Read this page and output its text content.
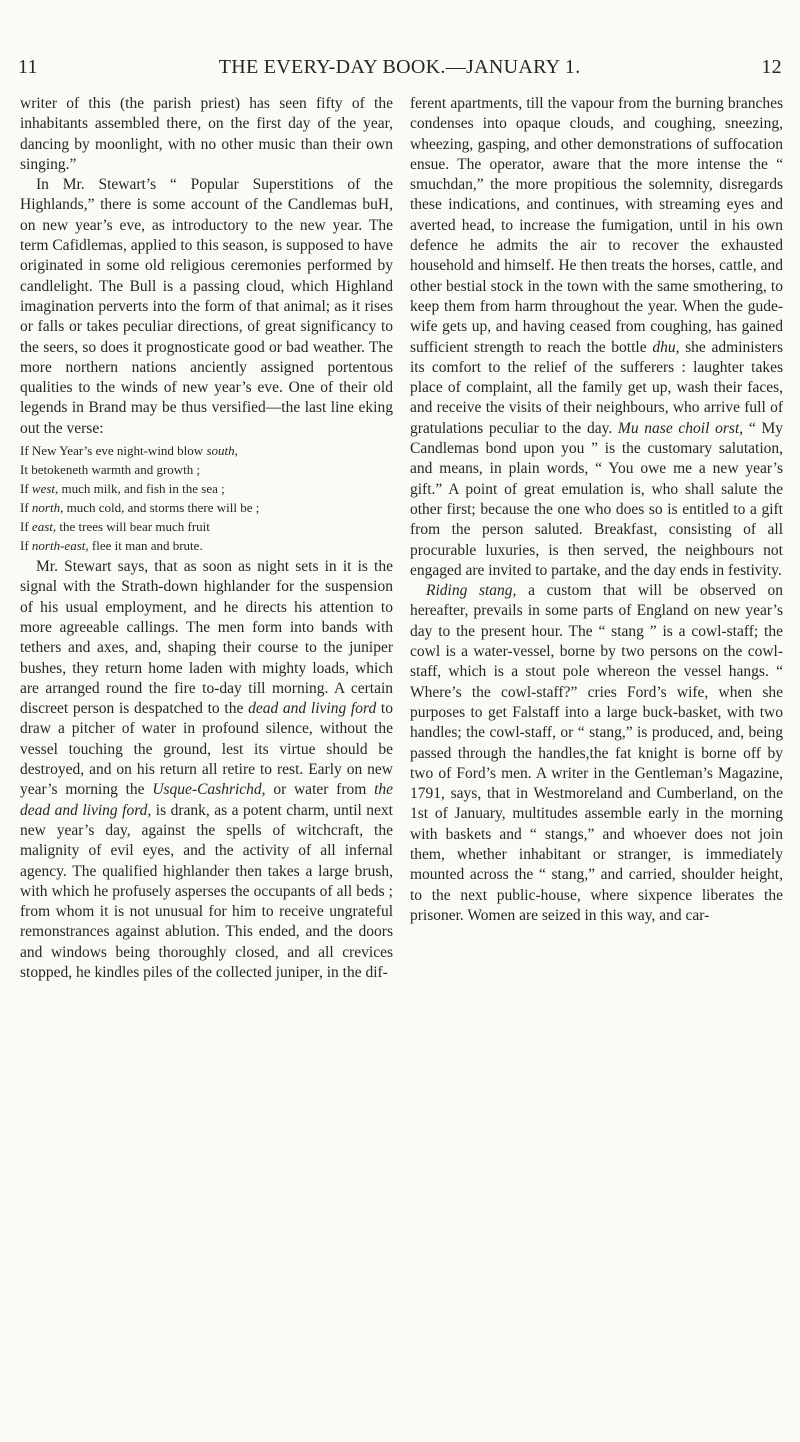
11	THE EVERY-DAY BOOK.—JANUARY 1.	12

writer of this (the parish priest) has seen fifty of the inhabitants assembled there, on the first day of the year, dancing by moonlight, with no other music than their own singing.”

In Mr. Stewart’s “ Popular Superstitions of the Highlands,” there is some account of the Candlemas buH, on new year’s eve, as introductory to the new year. The term Cafidlemas, applied to this season, is supposed to have originated in some old religious ceremonies performed by candlelight. The Bull is a passing cloud, which Highland imagination perverts into the form of that animal; as it rises or falls or takes peculiar directions, of great significancy to the seers, so does it prognosticate good or bad weather. The more northern nations anciently assigned portentous qualities to the winds of new year’s eve. One of their old legends in Brand may be thus versified—the last line eking out the verse:

If New Year’s eve night-wind blow south,
It betokeneth warmth and growth ;
If west, much milk, and fish in the sea ;
If north, much cold, and storms there will be ;
If east, the trees will bear much fruit
If north-east, flee it man and brute.

Mr. Stewart says, that as soon as night sets in it is the signal with the Strath-down highlander for the suspension of his usual employment, and he directs his attention to more agreeable callings. The men form into bands with tethers and axes, and, shaping their course to the juniper bushes, they return home laden with mighty loads, which are arranged round the fire to-day till morning. A certain discreet person is despatched to the dead and living ford to draw a pitcher of water in profound silence, without the vessel touching the ground, lest its virtue should be destroyed, and on his return all retire to rest. Early on new year’s morning the Usque-Cashrichd, or water from the dead and living ford, is drank, as a potent charm, until next new year’s day, against the spells of witchcraft, the malignity of evil eyes, and the activity of all infernal agency. The qualified highlander then takes a large brush, with which he profusely asperses the occupants of all beds ; from whom it is not unusual for him to receive ungrateful remonstrances against ablution. This ended, and the doors and windows being thoroughly closed, and all crevices stopped, he kindles piles of the collected juniper, in the dif-

ferent apartments, till the vapour from the burning branches condenses into opaque clouds, and coughing, sneezing, wheezing, gasping, and other demonstrations of suffocation ensue. The operator, aware that the more intense the “ smuchdan,” the more propitious the solemnity, disregards these indications, and continues, with streaming eyes and averted head, to increase the fumigation, until in his own defence he admits the air to recover the exhausted household and himself. He then treats the horses, cattle, and other bestial stock in the town with the same smothering, to keep them from harm throughout the year. When the gude-wife gets up, and having ceased from coughing, has gained sufficient strength to reach the bottle dhu, she administers its comfort to the relief of the sufferers : laughter takes place of complaint, all the family get up, wash their faces, and receive the visits of their neighbours, who arrive full of gratulations peculiar to the day. Mu nase choil orst, “ My Candlemas bond upon you ” is the customary salutation, and means, in plain words, “ You owe me a new year’s gift.” A point of great emulation is, who shall salute the other first; because the one who does so is entitled to a gift from the person saluted. Breakfast, consisting of all procurable luxuries, is then served, the neighbours not engaged are invited to partake, and the day ends in festivity.

Riding stang, a custom that will be observed on hereafter, prevails in some parts of England on new year’s day to the present hour. The “ stang ” is a cowl-staff; the cowl is a water-vessel, borne by two persons on the cowl-staff, which is a stout pole whereon the vessel hangs. “ Where’s the cowl-staff?” cries Ford’s wife, when she purposes to get Falstaff into a large buck-basket, with two handles; the cowl-staff, or “ stang,” is produced, and, being passed through the handles,the fat knight is borne off by two of Ford’s men. A writer in the Gentleman’s Magazine, 1791, says, that in Westmoreland and Cumberland, on the 1st of January, multitudes assemble early in the morning with baskets and “ stangs,” and whoever does not join them, whether inhabitant or stranger, is immediately mounted across the “ stang,” and carried, shoulder height, to the next public-house, where sixpence liberates the prisoner. Women are seized in this way, and car-
